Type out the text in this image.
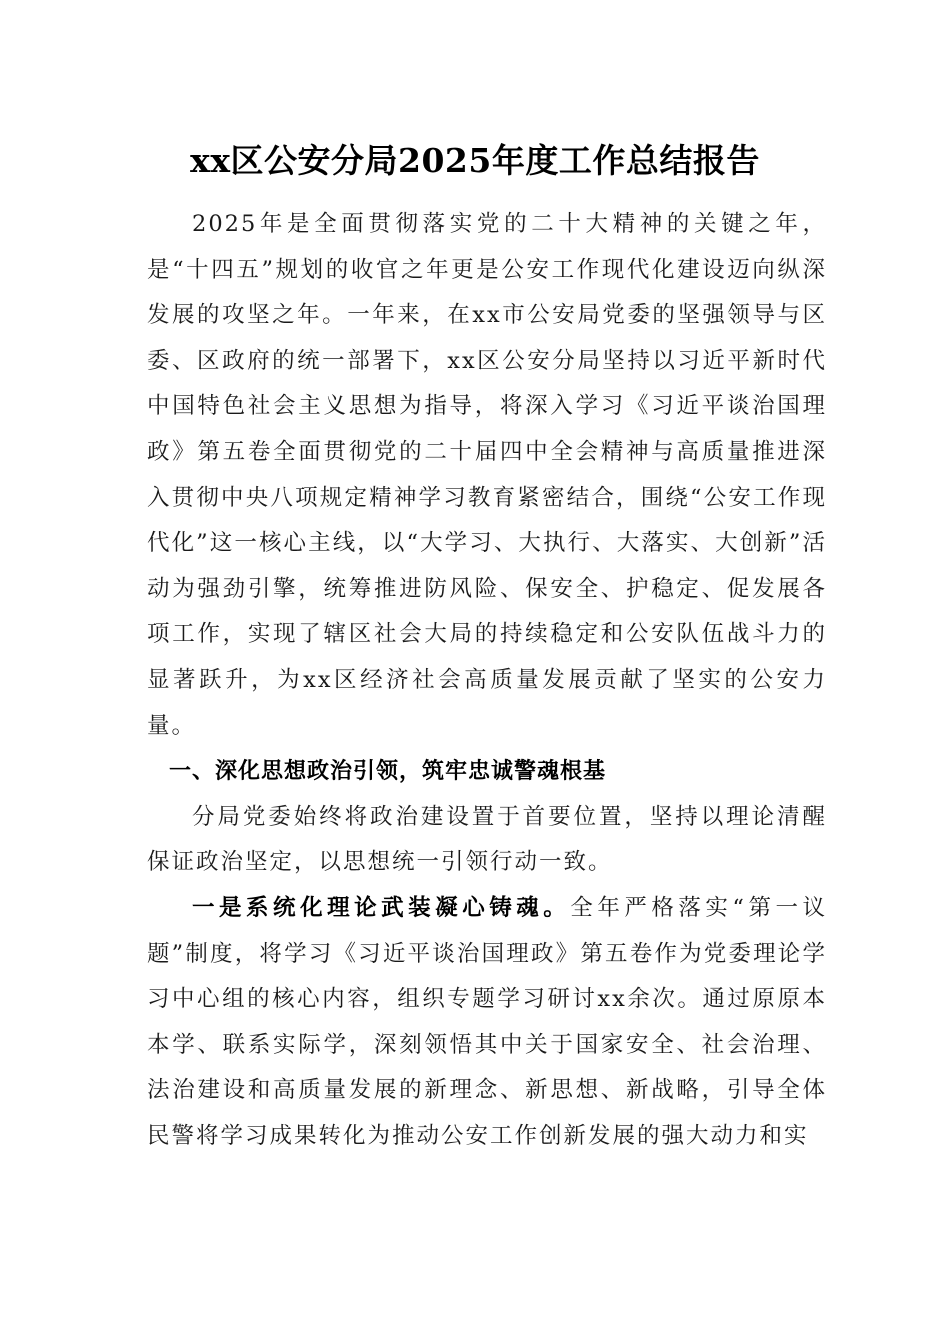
xx区公安分局2025年度工作总结报告

2025年是全面贯彻落实党的二十大精神的关键之年，是“十四五”规划的收官之年更是公安工作现代化建设迈向纵深发展的攻坚之年。一年来，在xx市公安局党委的坚强领导与区委、区政府的统一部署下，xx区公安分局坚持以习近平新时代中国特色社会主义思想为指导，将深入学习《习近平谈治国理政》第五卷全面贯彻党的二十届四中全会精神与高质量推进深入贯彻中央八项规定精神学习教育紧密结合，围绕“公安工作现代化”这一核心主线，以“大学习、大执行、大落实、大创新”活动为强劲引擎，统筹推进防风险、保安全、护稳定、促发展各项工作，实现了辖区社会大局的持续稳定和公安队伍战斗力的显著跃升，为xx区经济社会高质量发展贡献了坚实的公安力量。

一、深化思想政治引领，筑牢忠诚警魂根基

分局党委始终将政治建设置于首要位置，坚持以理论清醒保证政治坚定，以思想统一引领行动一致。

一是系统化理论武装凝心铸魂。全年严格落实“第一议题”制度，将学习《习近平谈治国理政》第五卷作为党委理论学习中心组的核心内容，组织专题学习研讨xx余次。通过原原本本学、联系实际学，深刻领悟其中关于国家安全、社会治理、法治建设和高质量发展的新理念、新思想、新战略，引导全体民警将学习成果转化为推动公安工作创新发展的强大动力和实
